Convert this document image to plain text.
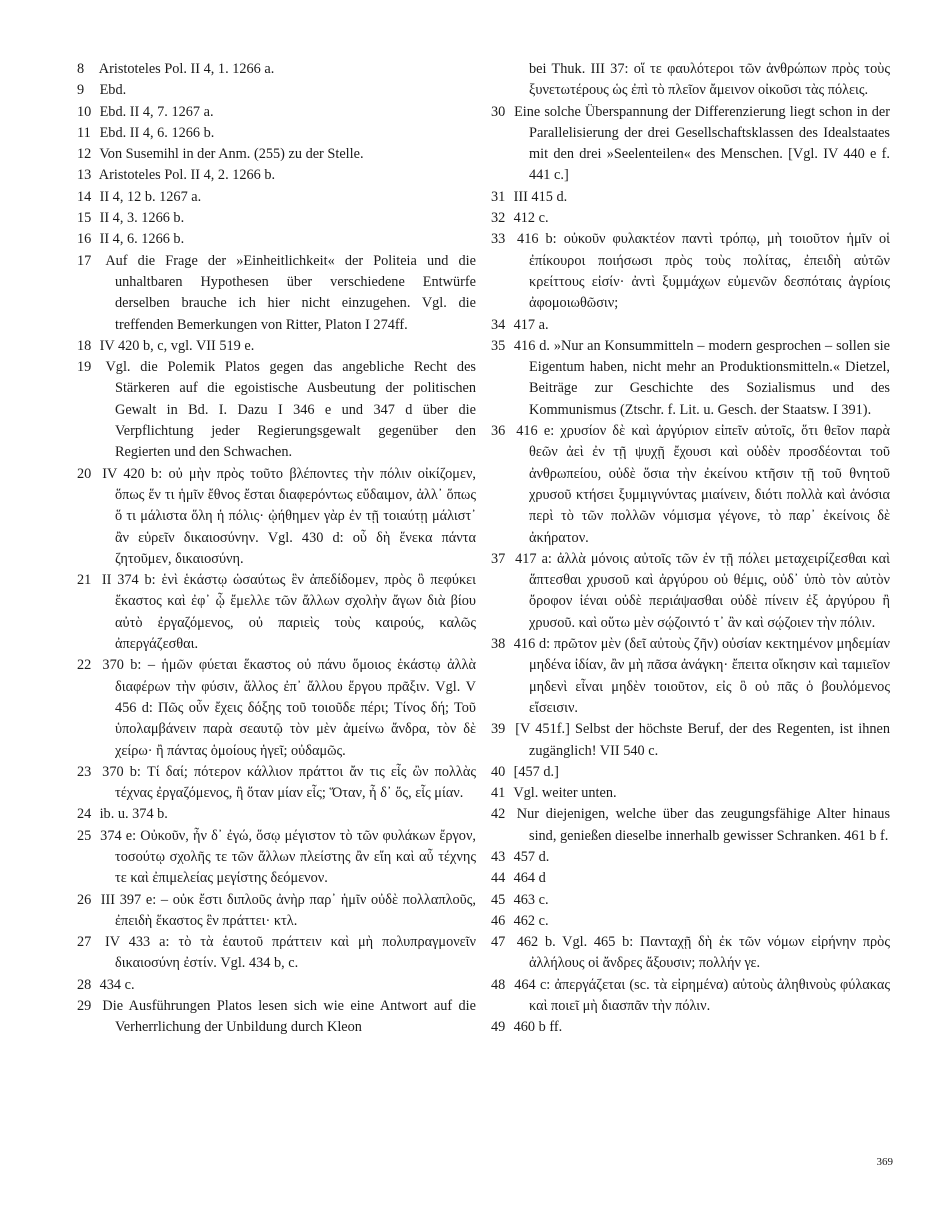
8 Aristoteles Pol. II 4, 1. 1266 a.

9 Ebd.

10 Ebd. II 4, 7. 1267 a.

11 Ebd. II 4, 6. 1266 b.

12 Von Susemihl in der Anm. (255) zu der Stelle.

13 Aristoteles Pol. II 4, 2. 1266 b.

14 II 4, 12 b. 1267 a.

15 II 4, 3. 1266 b.

16 II 4, 6. 1266 b.

17 Auf die Frage der »Einheitlichkeit« der Politeia und die unhaltbaren Hypothesen über verschiedene Entwürfe derselben brauche ich hier nicht einzugehen. Vgl. die treffenden Bemerkungen von Ritter, Platon I 274ff.

18 IV 420 b, c, vgl. VII 519 e.

19 Vgl. die Polemik Platos gegen das angebliche Recht des Stärkeren auf die egoistische Ausbeutung der politischen Gewalt in Bd. I. Dazu I 346 e und 347 d über die Verpflichtung jeder Regierungsgewalt gegenüber den Regierten und den Schwachen.

20 IV 420 b: οὐ μὴν πρὸς τοῦτο βλέποντες τὴν πόλιν οἰκίζομεν, ὅπως ἕν τι ἡμῖν ἔθνος ἔσται διαφερόντως εὔδαιμον, ἀλλ᾽ ὅπως ὅ τι μάλιστα ὅλη ἡ πόλις· ᾠήθημεν γὰρ ἐν τῇ τοιαύτῃ μάλιστ᾽ ἂν εὑρεῖν δικαιοσύνην. Vgl. 430 d: οὗ δὴ ἕνεκα πάντα ζητοῦμεν, δικαιοσύνη.

21 II 374 b: ἑνὶ ἑκάστῳ ὡσαύτως ἓν ἀπεδίδομεν, πρὸς ὃ πεφύκει ἕκαστος καὶ ἐφ᾽ ᾧ ἔμελλε τῶν ἄλλων σχολὴν ἄγων διὰ βίου αὐτὸ ἐργαζόμενος, οὐ παριεὶς τοὺς καιρούς, καλῶς ἀπεργάζεσθαι.

22 370 b: – ἡμῶν φύεται ἕκαστος οὐ πάνυ ὅμοιος ἑκάστῳ ἀλλὰ διαφέρων τὴν φύσιν, ἄλλος ἐπ᾽ ἄλλου ἔργου πρᾶξιν. Vgl. V 456 d: Πῶς οὖν ἔχεις δόξης τοῦ τοιοῦδε πέρι; Τίνος δή; Τοῦ ὑπολαμβάνειν παρὰ σεαυτῷ τὸν μὲν ἀμείνω ἄνδρα, τὸν δὲ χείρω· ἢ πάντας ὁμοίους ἡγεῖ; οὐδαμῶς.

23 370 b: Τί δαί; πότερον κάλλιον πράττοι ἄν τις εἷς ὢν πολλὰς τέχνας ἐργαζόμενος, ἢ ὅταν μίαν εἷς; Ὅταν, ἦ δ᾽ ὅς, εἷς μίαν.

24 ib. u. 374 b.

25 374 e: Οὐκοῦν, ἦν δ᾽ ἐγώ, ὅσῳ μέγιστον τὸ τῶν φυλάκων ἔργον, τοσούτῳ σχολῆς τε τῶν ἄλλων πλείστης ἂν εἴη καὶ αὖ τέχνης τε καὶ ἐπιμελείας μεγίστης δεόμενον.

26 III 397 e: – οὐκ ἔστι διπλοῦς ἀνὴρ παρ᾽ ἡμῖν οὐδὲ πολλαπλοῦς, ἐπειδὴ ἕκαστος ἓν πράττει· κτλ.

27 IV 433 a: τὸ τὰ ἑαυτοῦ πράττειν καὶ μὴ πολυπραγμονεῖν δικαιοσύνη ἐστίν. Vgl. 434 b, c.

28 434 c.

29 Die Ausführungen Platos lesen sich wie eine Antwort auf die Verherrlichung der Unbildung durch Kleon

bei Thuk. III 37: οἵ τε φαυλότεροι τῶν ἀνθρώπων πρὸς τοὺς ξυνετωτέρους ὡς ἐπὶ τὸ πλεῖον ἄμεινον οἰκοῦσι τὰς πόλεις.

30 Eine solche Überspannung der Differenzierung liegt schon in der Parallelisierung der drei Gesellschaftsklassen des Idealstaates mit den drei »Seelenteilen« des Menschen. [Vgl. IV 440 e f. 441 c.]

31 III 415 d.

32 412 c.

33 416 b: οὐκοῦν φυλακτέον παντὶ τρόπῳ, μὴ τοιοῦτον ἡμῖν οἱ ἐπίκουροι ποιήσωσι πρὸς τοὺς πολίτας, ἐπειδὴ αὐτῶν κρείττους εἰσίν· ἀντὶ ξυμμάχων εὐμενῶν δεσπόταις ἀγρίοις ἀφομοιωθῶσιν;

34 417 a.

35 416 d. »Nur an Konsummitteln – modern gesprochen – sollen sie Eigentum haben, nicht mehr an Produktionsmitteln.« Dietzel, Beiträge zur Geschichte des Sozialismus und des Kommunismus (Ztschr. f. Lit. u. Gesch. der Staatsw. I 391).

36 416 e: χρυσίον δὲ καὶ ἀργύριον εἰπεῖν αὐτοῖς, ὅτι θεῖον παρὰ θεῶν ἀεὶ ἐν τῇ ψυχῇ ἔχουσι καὶ οὐδὲν προσδέονται τοῦ ἀνθρωπείου, οὐδὲ ὅσια τὴν ἐκείνου κτῆσιν τῇ τοῦ θνητοῦ χρυσοῦ κτήσει ξυμμιγνύντας μιαίνειν, διότι πολλὰ καὶ ἀνόσια περὶ τὸ τῶν πολλῶν νόμισμα γέγονε, τὸ παρ᾽ ἐκείνοις δὲ ἀκήρατον.

37 417 a: ἀλλὰ μόνοις αὐτοῖς τῶν ἐν τῇ πόλει μεταχειρίζεσθαι καὶ ἅπτεσθαι χρυσοῦ καὶ ἀργύρου οὐ θέμις, οὐδ᾽ ὑπὸ τὸν αὐτὸν ὄροφον ἰέναι οὐδὲ περιάψασθαι οὐδὲ πίνειν ἐξ ἀργύρου ἢ χρυσοῦ. καὶ οὕτω μὲν σῴζοιντό τ᾽ ἂν καὶ σῴζοιεν τὴν πόλιν.

38 416 d: πρῶτον μὲν (δεῖ αὐτοὺς ζῆν) οὐσίαν κεκτημένον μηδεμίαν μηδένα ἰδίαν, ἂν μὴ πᾶσα ἀνάγκη· ἔπειτα οἴκησιν καὶ ταμιεῖον μηδενὶ εἶναι μηδὲν τοιοῦτον, εἰς ὃ οὐ πᾶς ὁ βουλόμενος εἴσεισιν.

39 [V 451f.] Selbst der höchste Beruf, der des Regenten, ist ihnen zugänglich! VII 540 c.

40 [457 d.]

41 Vgl. weiter unten.

42 Nur diejenigen, welche über das zeugungsfähige Alter hinaus sind, genießen dieselbe innerhalb gewisser Schranken. 461 b f.

43 457 d.

44 464 d

45 463 c.

46 462 c.

47 462 b. Vgl. 465 b: Πανταχῇ δὴ ἐκ τῶν νόμων εἰρήνην πρὸς ἀλλήλους οἱ ἄνδρες ἄξουσιν; πολλήν γε.

48 464 c: ἀπεργάζεται (sc. τὰ εἰρημένα) αὐτοὺς ἀληθινοὺς φύλακας καὶ ποιεῖ μὴ διασπᾶν τὴν πόλιν.

49 460 b ff.

369
